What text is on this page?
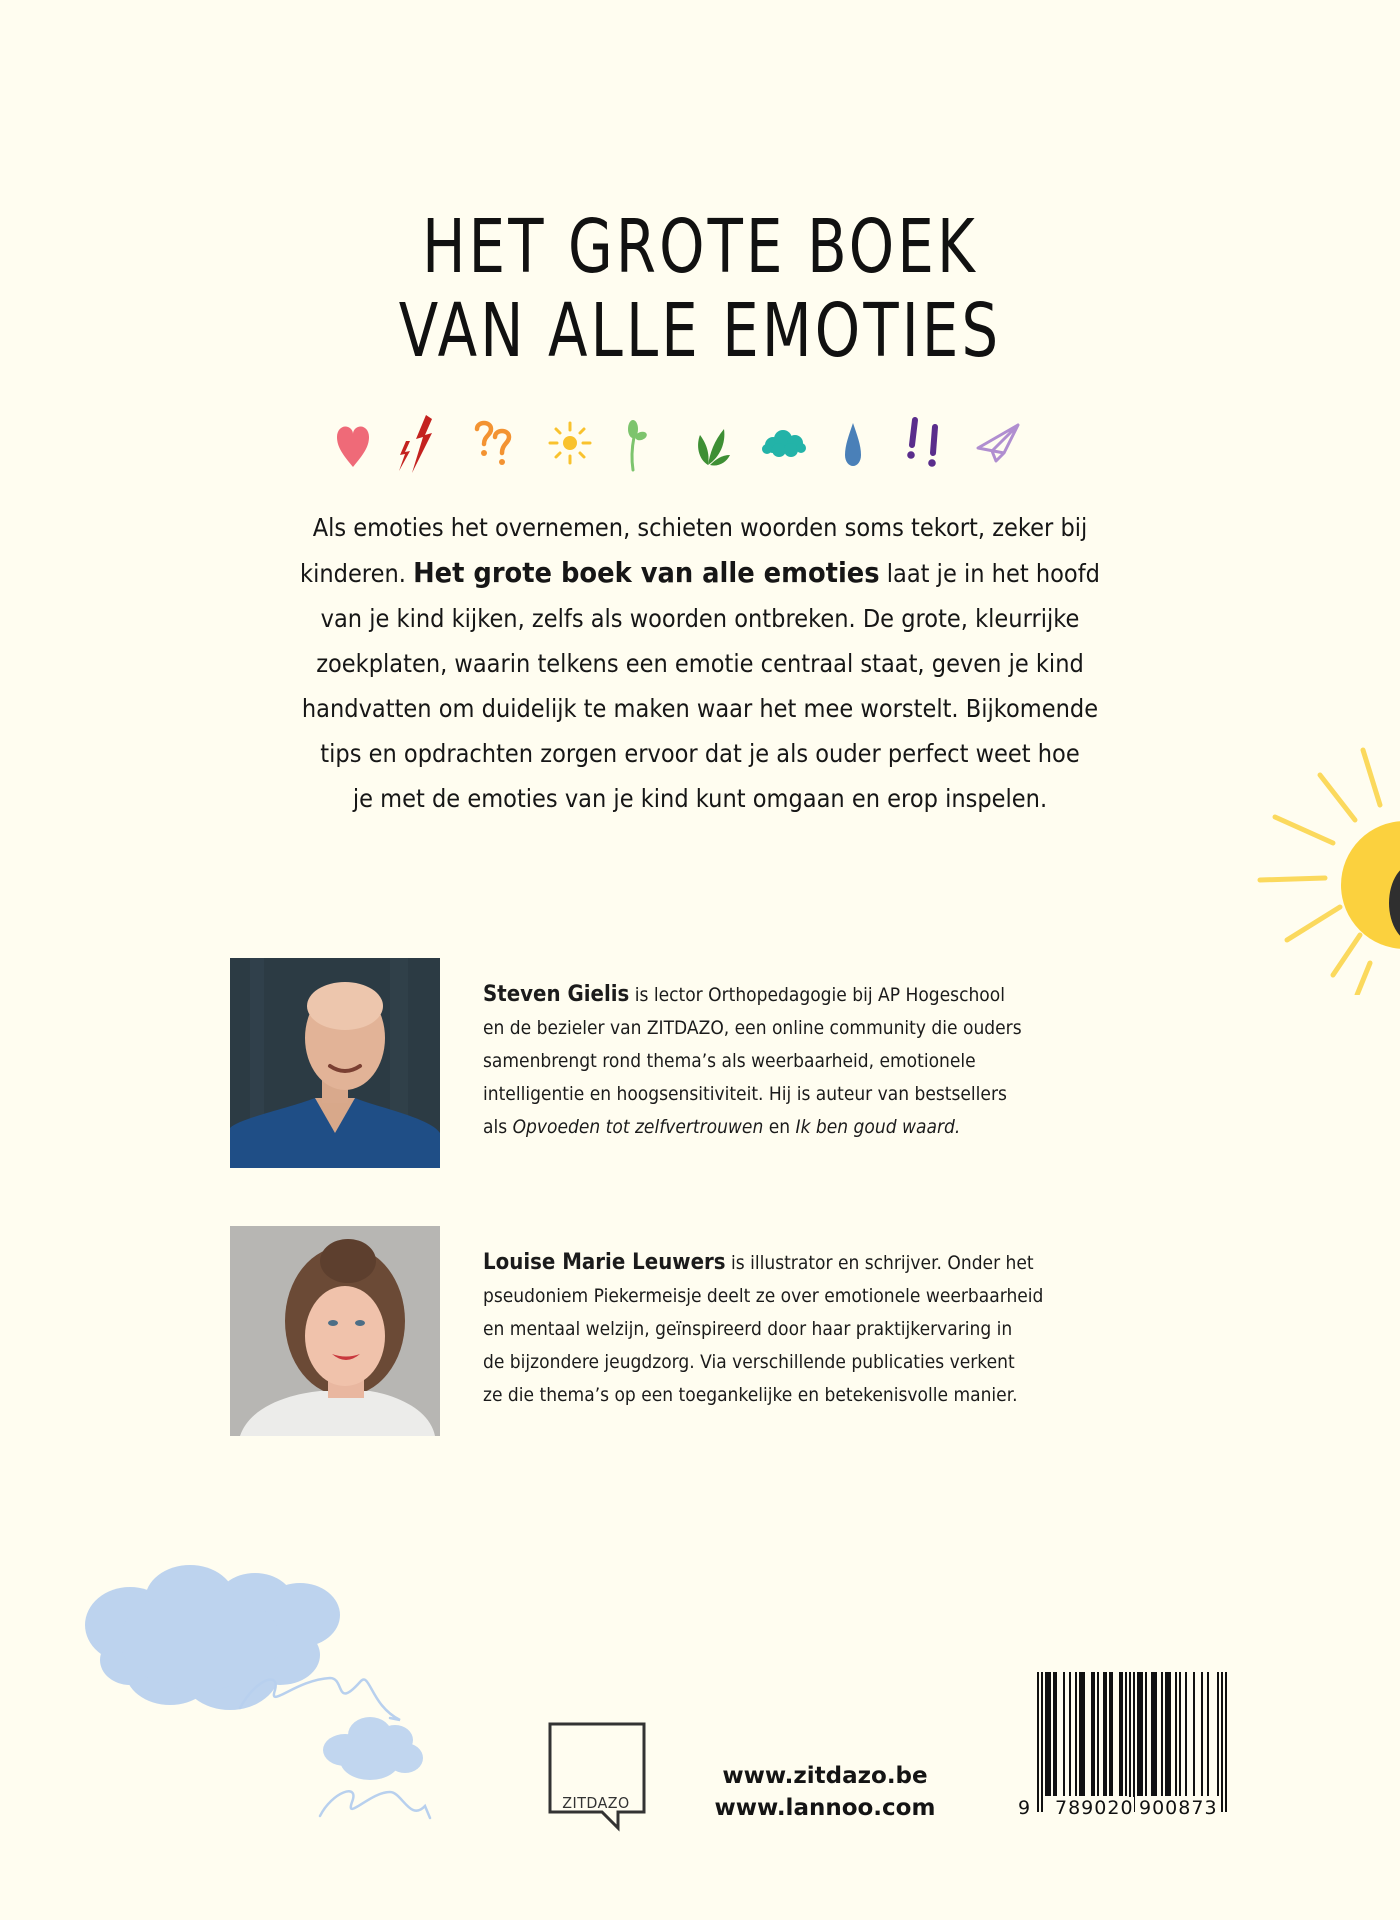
HET GROTE BOEK
VAN ALLE EMOTIES
Als emoties het overnemen, schieten woorden soms tekort, zeker bij
kinderen. Het grote boek van alle emoties laat je in het hoofd
van je kind kijken, zelfs als woorden ontbreken. De grote, kleurrijke
zoekplaten, waarin telkens een emotie centraal staat, geven je kind
handvatten om duidelijk te maken waar het mee worstelt. Bijkomende
tips en opdrachten zorgen ervoor dat je als ouder perfect weet hoe
je met de emoties van je kind kunt omgaan en erop inspelen.
Steven Gielis is lector Orthopedagogie bij AP Hogeschool
en de bezieler van ZITDAZO, een online community die ouders
samenbrengt rond thema’s als weerbaarheid, emotionele
intelligentie en hoogsensitiviteit. Hij is auteur van bestsellers
als Opvoeden tot zelfvertrouwen en Ik ben goud waard.
Louise Marie Leuwers is illustrator en schrijver. Onder het
pseudoniem Piekermeisje deelt ze over emotionele weerbaarheid
en mentaal welzijn, geïnspireerd door haar praktijkervaring in
de bijzondere jeugdzorg. Via verschillende publicaties verkent
ze die thema’s op een toegankelijke en betekenisvolle manier.
ZITDAZO
www.zitdazo.be
www.lannoo.com	9 789020 900873
